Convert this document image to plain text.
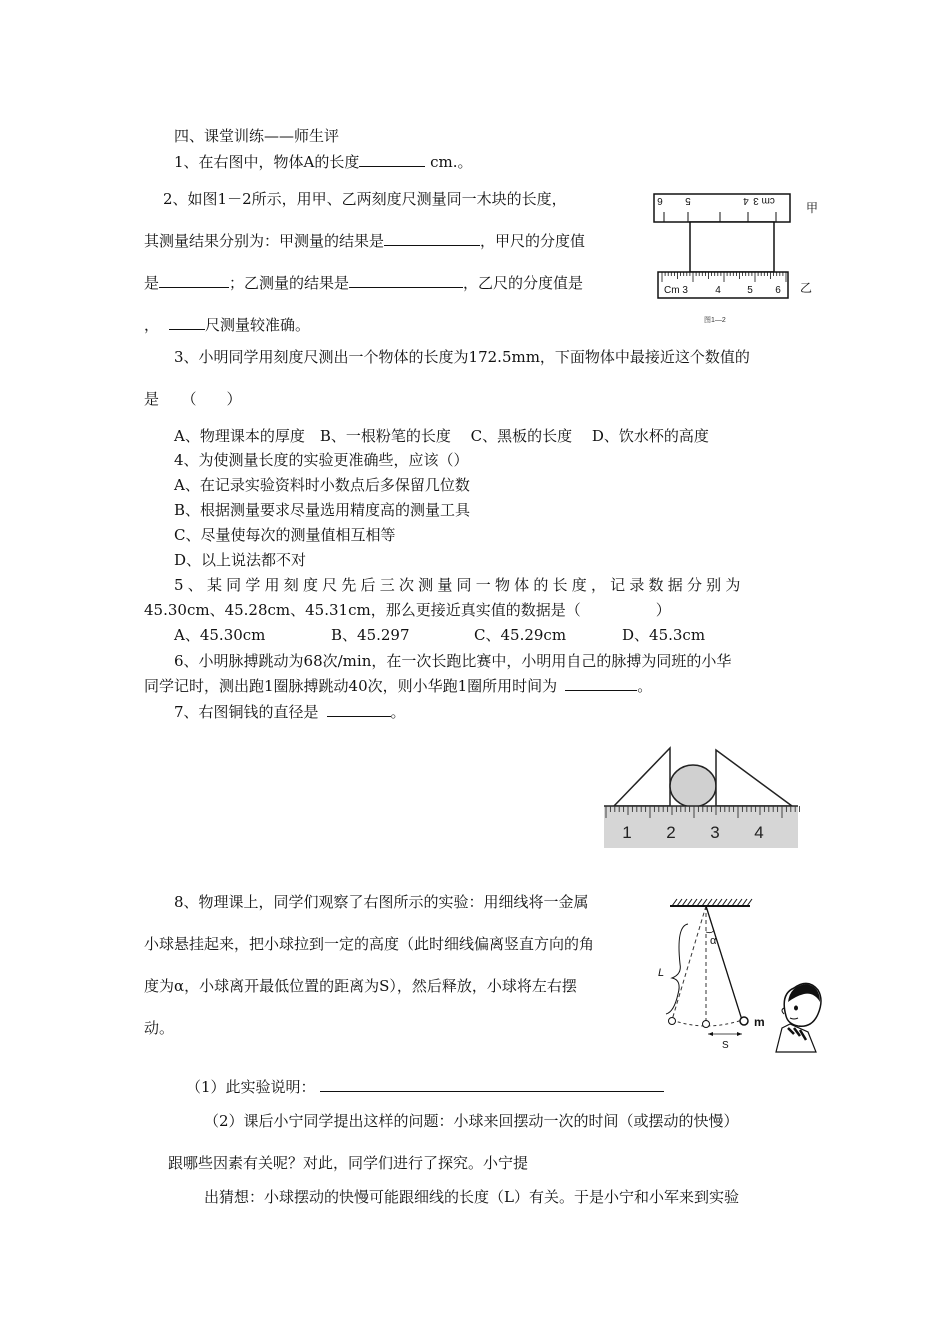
四、课堂训练——师生评
1、在右图中，物体A的长度	cm.。
2、如图1－2所示，用甲、乙两刻度尺测量同一木块的长度，
其测量结果分别为：甲测量的结果是	，甲尺的分度值
是	；乙测量的结果是	，乙尺的分度值是
，	尺测量较准确。
cm 3
4
5
6
甲
Cm 3	4	5 6 乙
图1—2
3、小明同学用刻度尺测出一个物体的长度为172.5mm，下面物体中最接近这个数值的
是　　（　　）
A、物理课本的厚度　B、一根粉笔的长度　 C、黑板的长度　 D、饮水杯的高度
4、为使测量长度的实验更准确些，应该（）
A、在记录实验资料时小数点后多保留几位数
B、根据测量要求尽量选用精度高的测量工具
C、尽量使每次的测量值相互相等
D、以上说法都不对
5、某同学用刻度尺先后三次测量同一物体的长度，记录数据分别为
45.30cm、45.28cm、45.31cm，那么更接近真实值的数据是（　　　　　）
A、45.30cm	B、45.297	C、45.29cm	D、45.3cm
6、小明脉搏跳动为68次/min，在一次长跑比赛中，小明用自己的脉搏为同班的小华
同学记时，测出跑1圈脉搏跳动40次，则小华跑1圈所用时间为	。
7、右图铜钱的直径是	。
1 2 3 4
8、物理课上，同学们观察了右图所示的实验：用细线将一金属
小球悬挂起来，把小球拉到一定的高度（此时细线偏离竖直方向的角
度为α，小球离开最低位置的距离为S），然后释放，小球将左右摆
动。
L
α
m
S
（1）此实验说明：
（2）课后小宁同学提出这样的问题：小球来回摆动一次的时间（或摆动的快慢）
跟哪些因素有关呢？对此，同学们进行了探究。小宁提
出猜想：小球摆动的快慢可能跟细线的长度（L）有关。于是小宁和小军来到实验
